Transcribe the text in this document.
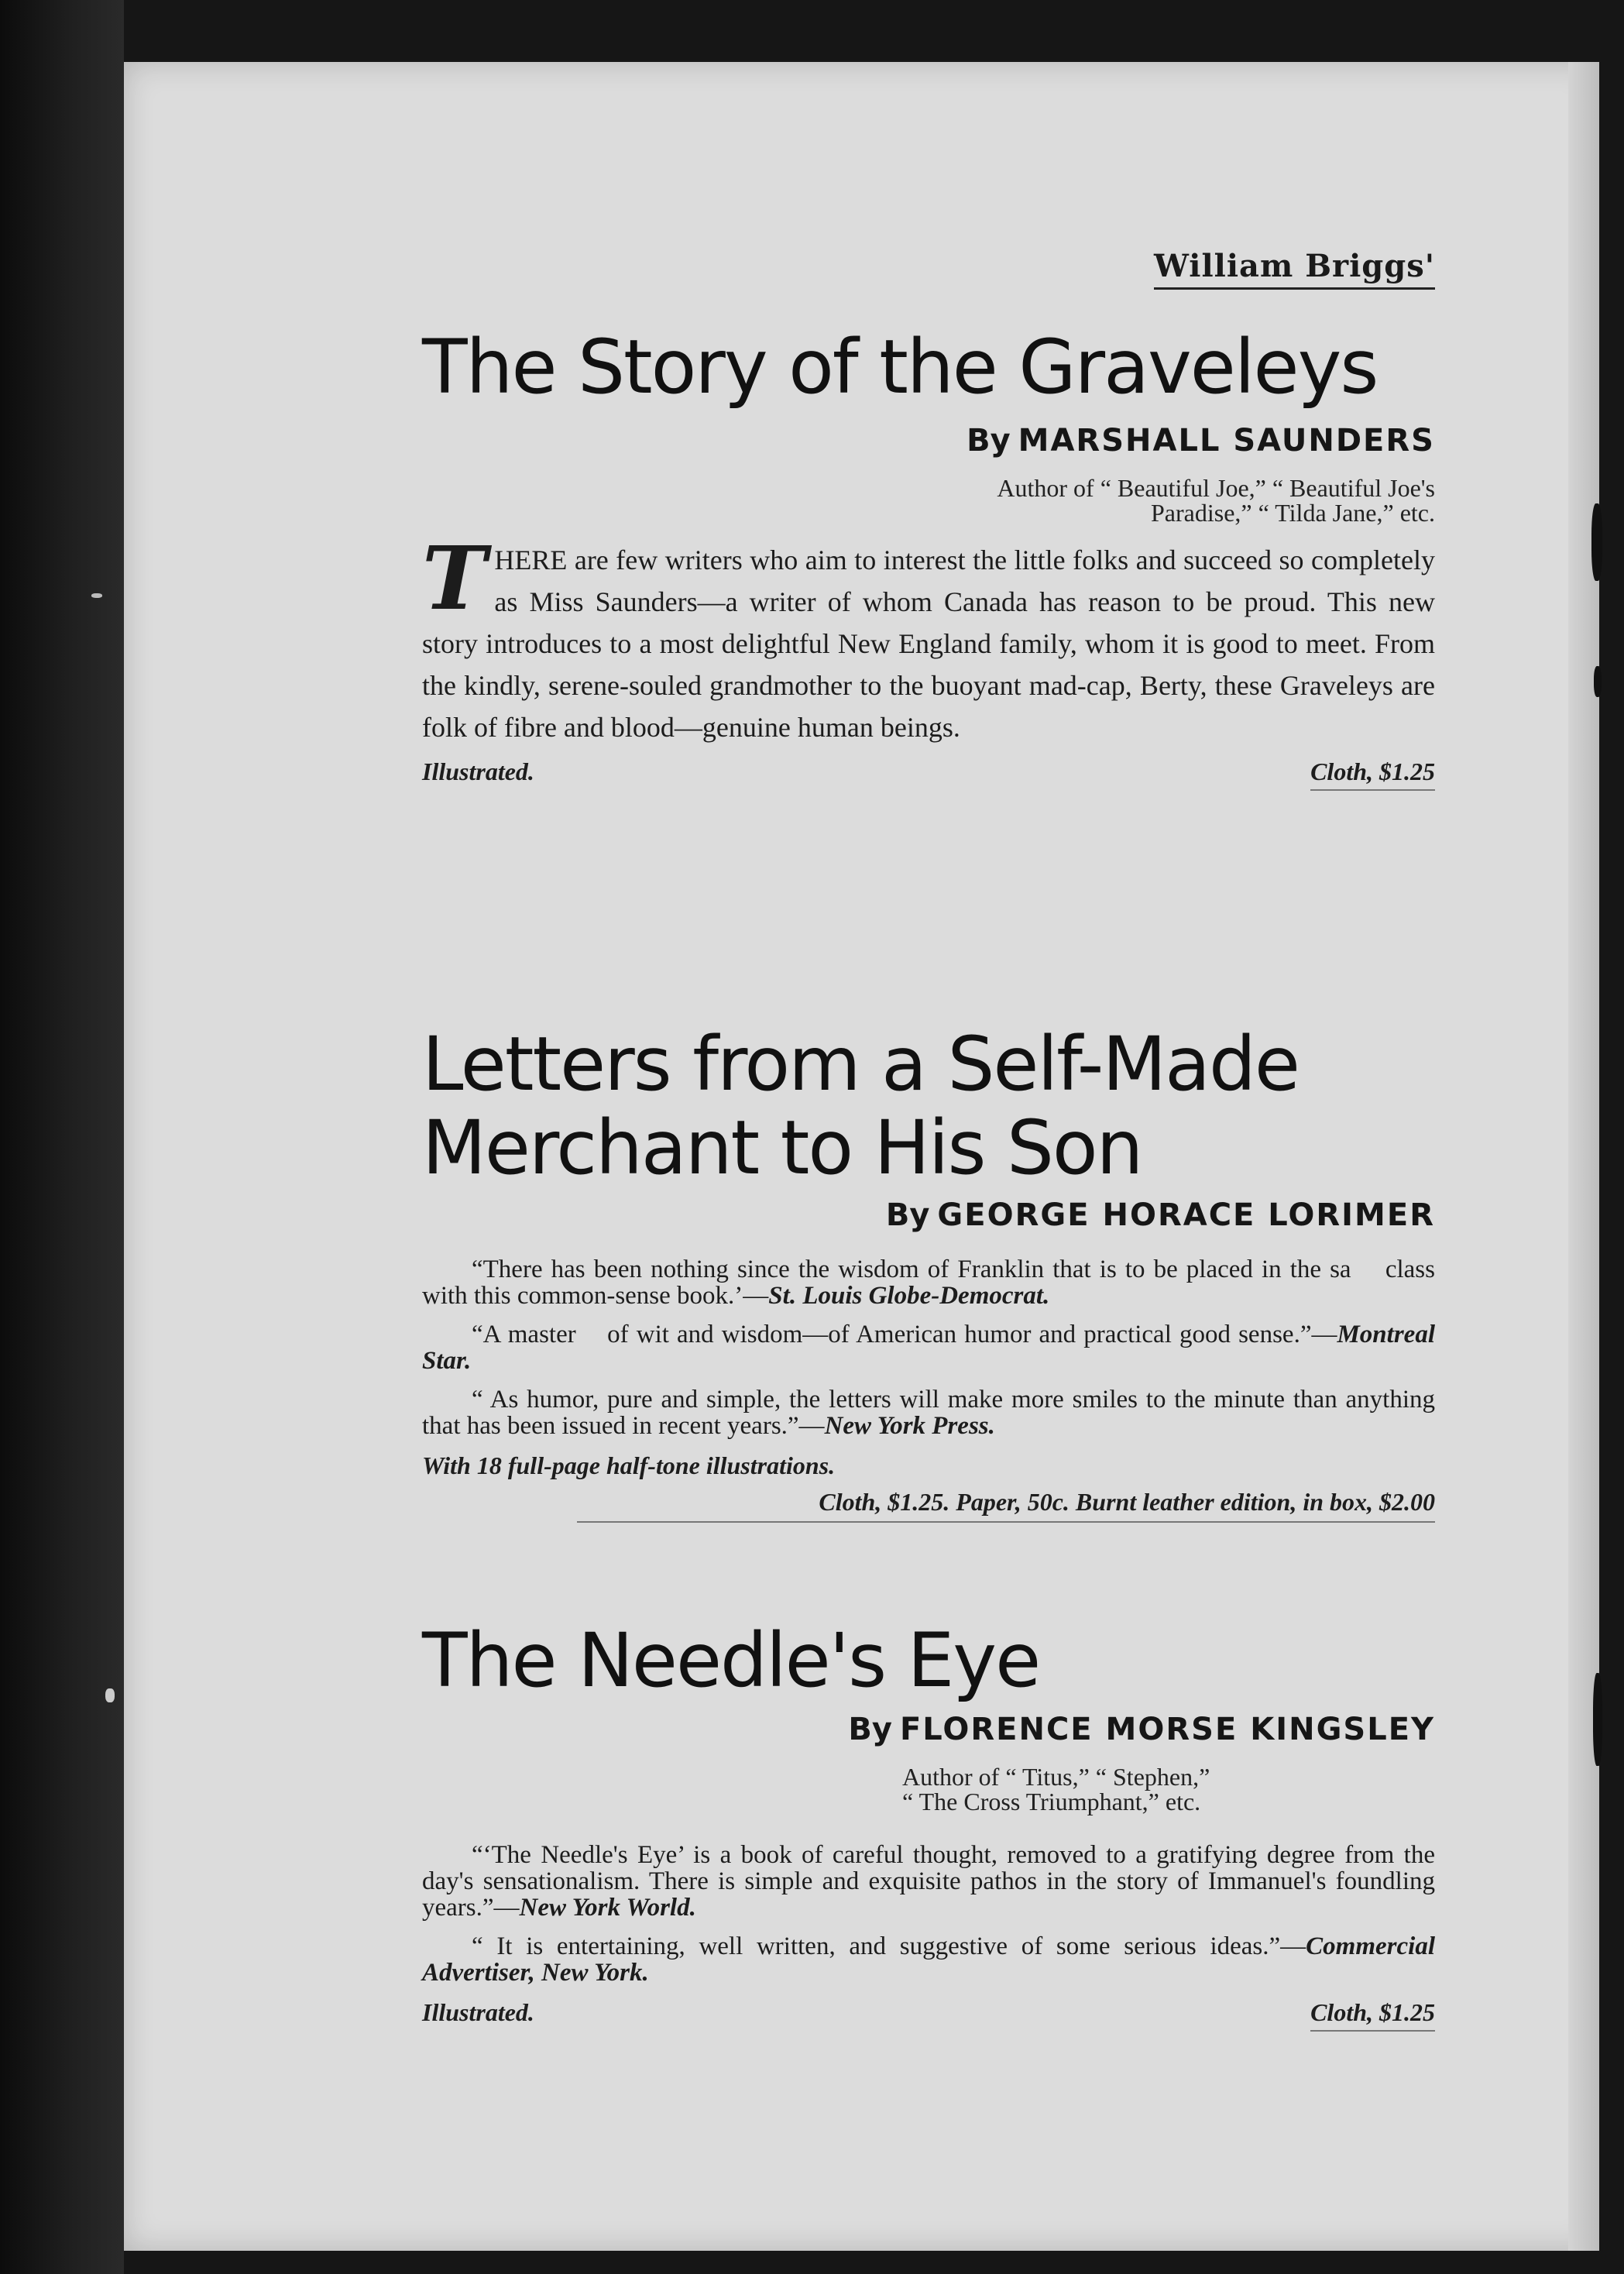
William Briggs'
The Story of the Graveleys
By MARSHALL SAUNDERS
Author of “ Beautiful Joe,” “ Beautiful Joe's
Paradise,” “ Tilda Jane,” etc.
THERE are few writers who aim to interest the little folks and succeed so completely as Miss Saunders—a writer of whom Canada has reason to be proud. This new story introduces to a most delightful New England family, whom it is good to meet. From the kindly, serene-souled grandmother to the buoyant mad-cap, Berty, these Graveleys are folk of fibre and blood—genuine human beings.
Illustrated.	Cloth, $1.25
Letters from a Self-Made
Merchant to His Son
By GEORGE HORACE LORIMER

“There has been nothing since the wisdom of Franklin that is to be placed in the sa    class with this common-sense book.’—St. Louis Globe-Democrat.

“A master    of wit and wisdom—of American humor and practical good sense.”—Montreal Star.

“ As humor, pure and simple, the letters will make more smiles to the minute than anything that has been issued in recent years.”—New York Press.

With 18 full-page half-tone illustrations.
Cloth, $1.25. Paper, 50c. Burnt leather edition, in box, $2.00
The Needle's Eye
By FLORENCE MORSE KINGSLEY
Author of “ Titus,” “ Stephen,”
“ The Cross Triumphant,” etc.

“‘The Needle's Eye’ is a book of careful thought, removed to a gratifying degree from the day's sensationalism. There is simple and exquisite pathos in the story of Immanuel's foundling years.”—New York World.

“ It is entertaining, well written, and suggestive of some serious ideas.”—Commercial Advertiser, New York.

Illustrated.	Cloth, $1.25
